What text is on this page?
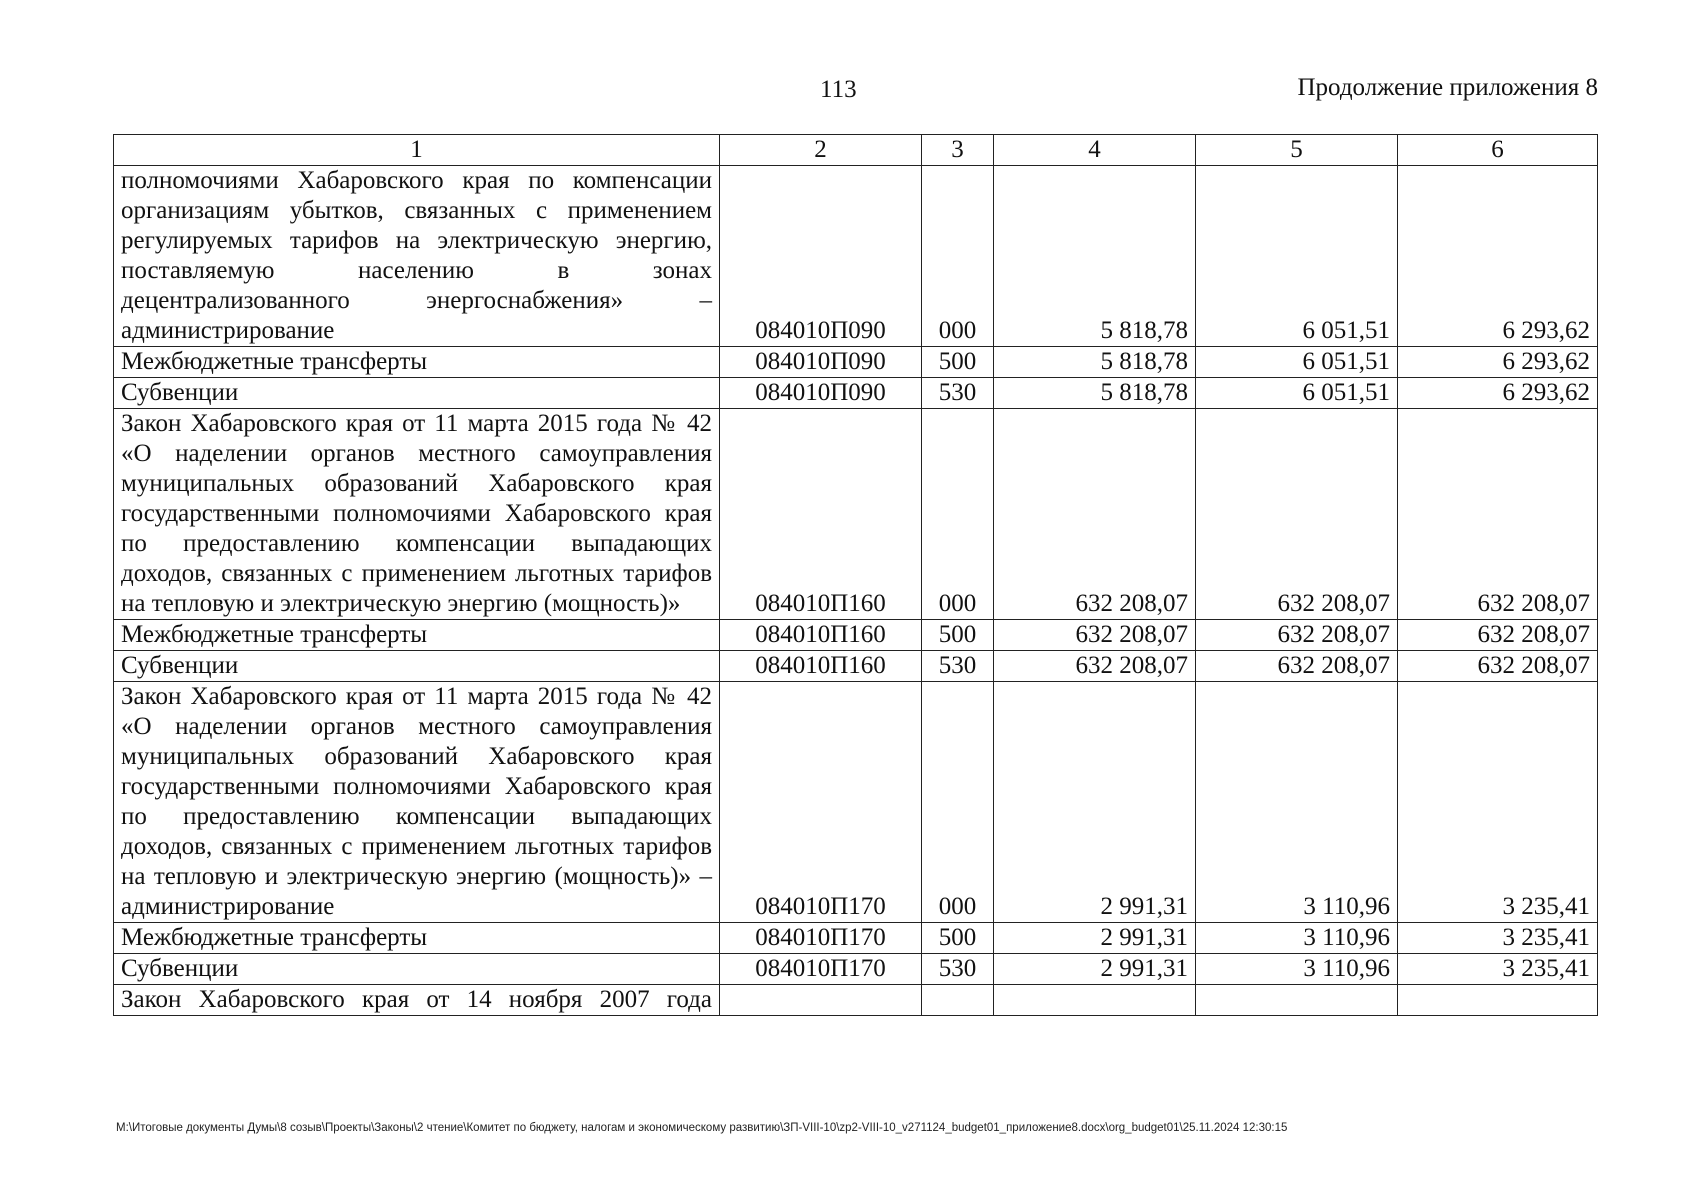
113	Продолжение приложения 8
1	2	3	4	5	6
полномочиями Хабаровского края по компенсации организациям убытков, связанных с применением регулируемых тарифов на электрическую энергию, поставляемую населению в зонах децентрализованного энергоснабжения» – администрирование	084010П090	000	5 818,78	6 051,51	6 293,62
Межбюджетные трансферты	084010П090	500	5 818,78	6 051,51	6 293,62
Субвенции	084010П090	530	5 818,78	6 051,51	6 293,62
Закон Хабаровского края от 11 марта 2015 года № 42 «О наделении органов местного самоуправления муниципальных образований Хабаровского края государственными полномочиями Хабаровского края по предоставлению компенсации выпадающих доходов, связанных с применением льготных тарифов на тепловую и электрическую энергию (мощность)»	084010П160	000	632 208,07	632 208,07	632 208,07
Межбюджетные трансферты	084010П160	500	632 208,07	632 208,07	632 208,07
Субвенции	084010П160	530	632 208,07	632 208,07	632 208,07
Закон Хабаровского края от 11 марта 2015 года № 42 «О наделении органов местного самоуправления муниципальных образований Хабаровского края государственными полномочиями Хабаровского края по предоставлению компенсации выпадающих доходов, связанных с применением льготных тарифов на тепловую и электрическую энергию (мощность)» – администрирование	084010П170	000	2 991,31	3 110,96	3 235,41
Межбюджетные трансферты	084010П170	500	2 991,31	3 110,96	3 235,41
Субвенции	084010П170	530	2 991,31	3 110,96	3 235,41
Закон Хабаровского края от 14 ноября 2007 года					
M:\Итоговые документы Думы\8 созыв\Проекты\Законы\2 чтение\Комитет по бюджету, налогам и экономическому развитию\ЗП-VIII-10\zp2-VIII-10_v271124_budget01_приложение8.docx\org_budget01\25.11.2024 12:30:15
